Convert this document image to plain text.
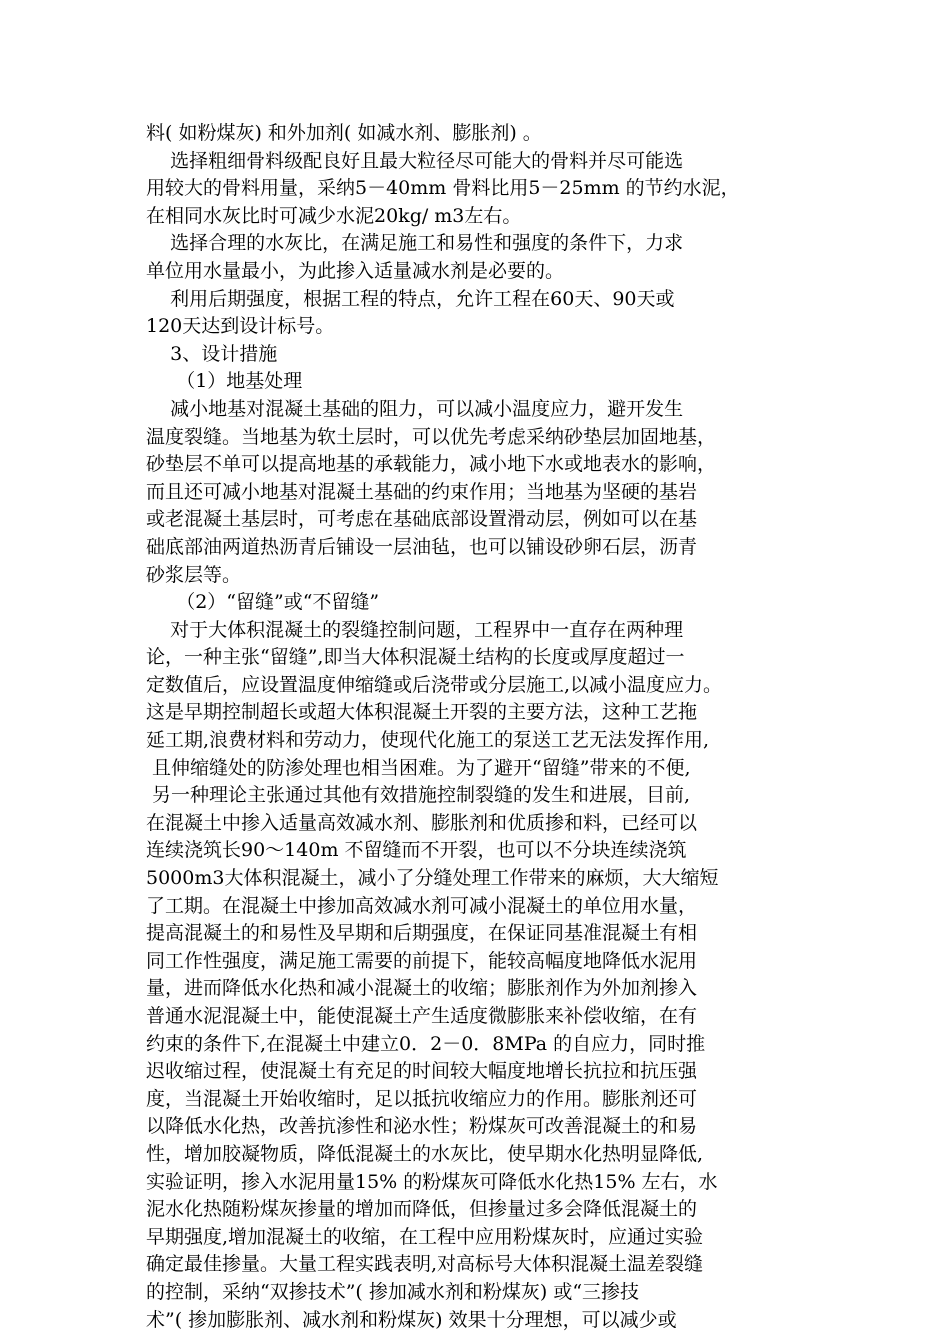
料( 如粉煤灰) 和外加剂( 如减水剂、膨胀剂) 。
选择粗细骨料级配良好且最大粒径尽可能大的骨料并尽可能选
用较大的骨料用量，采纳5－40mm 骨料比用5－25mm 的节约水泥，
在相同水灰比时可减少水泥20kg/ m3左右。
选择合理的水灰比，在满足施工和易性和强度的条件下，力求
单位用水量最小，为此掺入适量减水剂是必要的。
利用后期强度，根据工程的特点，允许工程在60天、90天或
120天达到设计标号。
3、设计措施
（1）地基处理
减小地基对混凝土基础的阻力，可以减小温度应力，避开发生
温度裂缝。当地基为软土层时，可以优先考虑采纳砂垫层加固地基，
砂垫层不单可以提高地基的承载能力，减小地下水或地表水的影响，
而且还可减小地基对混凝土基础的约束作用；当地基为坚硬的基岩
或老混凝土基层时，可考虑在基础底部设置滑动层，例如可以在基
础底部油两道热沥青后铺设一层油毡，也可以铺设砂卵石层，沥青
砂浆层等。
（2）“留缝”或“不留缝”
对于大体积混凝土的裂缝控制问题，工程界中一直存在两种理
论，一种主张“留缝”,即当大体积混凝土结构的长度或厚度超过一
定数值后，应设置温度伸缩缝或后浇带或分层施工,以减小温度应力。
这是早期控制超长或超大体积混凝土开裂的主要方法，这种工艺拖
延工期,浪费材料和劳动力，使现代化施工的泵送工艺无法发挥作用,
且伸缩缝处的防渗处理也相当困难。为了避开“留缝”带来的不便,
另一种理论主张通过其他有效措施控制裂缝的发生和进展，目前,
在混凝土中掺入适量高效减水剂、膨胀剂和优质掺和料，已经可以
连续浇筑长90～140m 不留缝而不开裂，也可以不分块连续浇筑
5000m3大体积混凝土，减小了分缝处理工作带来的麻烦，大大缩短
了工期。在混凝土中掺加高效减水剂可减小混凝土的单位用水量，
提高混凝土的和易性及早期和后期强度，在保证同基准混凝土有相
同工作性强度，满足施工需要的前提下，能较高幅度地降低水泥用
量，进而降低水化热和减小混凝土的收缩；膨胀剂作为外加剂掺入
普通水泥混凝土中，能使混凝土产生适度微膨胀来补偿收缩，在有
约束的条件下,在混凝土中建立0．2－0．8MPa 的自应力，同时推
迟收缩过程，使混凝土有充足的时间较大幅度地增长抗拉和抗压强
度，当混凝土开始收缩时，足以抵抗收缩应力的作用。膨胀剂还可
以降低水化热，改善抗渗性和泌水性；粉煤灰可改善混凝土的和易
性，增加胶凝物质，降低混凝土的水灰比，使早期水化热明显降低,
实验证明，掺入水泥用量15% 的粉煤灰可降低水化热15% 左右，水
泥水化热随粉煤灰掺量的增加而降低，但掺量过多会降低混凝土的
早期强度,增加混凝土的收缩，在工程中应用粉煤灰时，应通过实验
确定最佳掺量。大量工程实践表明,对高标号大体积混凝土温差裂缝
的控制，采纳“双掺技术”( 掺加减水剂和粉煤灰) 或“三掺技
术”( 掺加膨胀剂、减水剂和粉煤灰) 效果十分理想，可以减少或
